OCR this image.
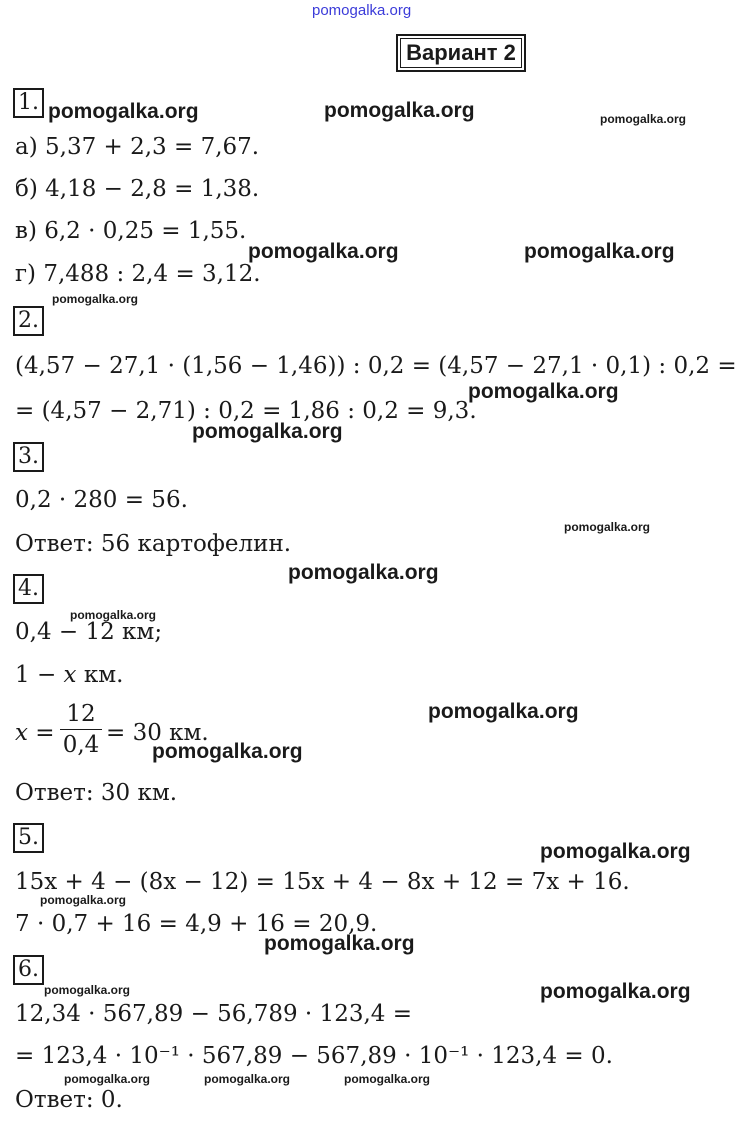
pomogalka.org
Вариант 2
1.
а) 5,37 + 2,3 = 7,67.
б) 4,18 − 2,8 = 1,38.
в) 6,2 · 0,25 = 1,55.
г) 7,488 : 2,4 = 3,12.
2.
(4,57 − 27,1 · (1,56 − 1,46)) : 0,2 = (4,57 − 27,1 · 0,1) : 0,2 =
= (4,57 − 2,71) : 0,2 = 1,86 : 0,2 = 9,3.
3.
0,2 · 280 = 56.
Ответ: 56 картофелин.
4.
0,4 − 12 км;
1 − x км.
x =
12
0,4 = 30 км.
Ответ: 30 км.
5.
15x + 4 − (8x − 12) = 15x + 4 − 8x + 12 = 7x + 16.
7 · 0,7 + 16 = 4,9 + 16 = 20,9.
6.
12,34 · 567,89 − 56,789 · 123,4 =
= 123,4 · 10⁻¹ · 567,89 − 567,89 · 10⁻¹ · 123,4 = 0.
Ответ: 0.
pomogalka.org	pomogalka.org	pomogalka.org
pomogalka.org	pomogalka.org
pomogalka.org
pomogalka.org
pomogalka.org
pomogalka.org
pomogalka.org
pomogalka.org
pomogalka.org
pomogalka.org
pomogalka.org
pomogalka.org
pomogalka.org
pomogalka.org
pomogalka.org
pomogalka.org	pomogalka.org	pomogalka.org
